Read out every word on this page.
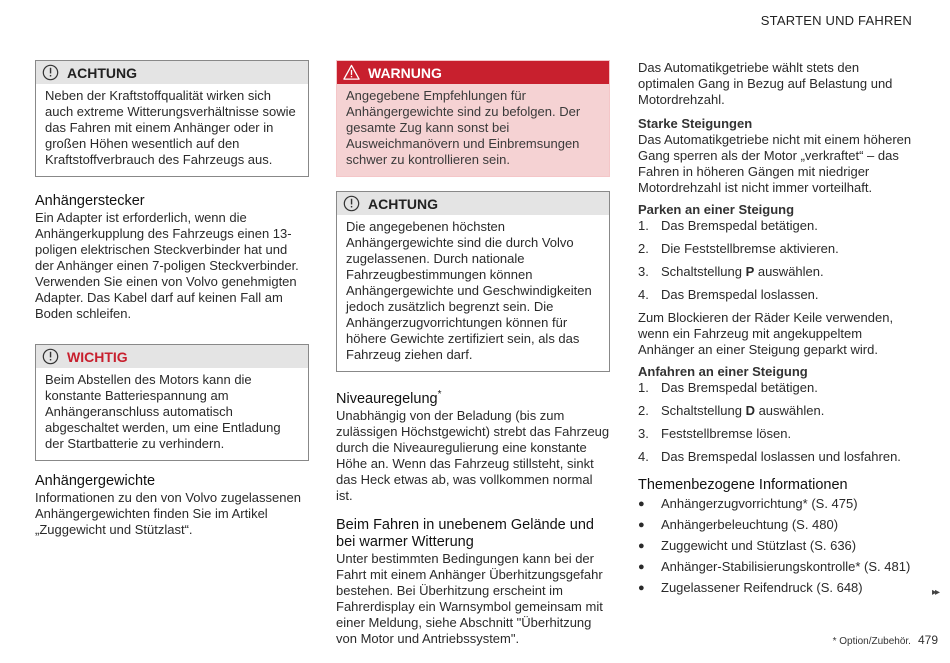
STARTEN UND FAHREN
ACHTUNG

Neben der Kraftstoffqualität wirken sich auch extreme Witterungsverhältnisse sowie das Fahren mit einem Anhänger oder in großen Höhen wesentlich auf den Kraftstoffverbrauch des Fahrzeugs aus.

Anhängerstecker

Ein Adapter ist erforderlich, wenn die Anhängerkupplung des Fahrzeugs einen 13-poligen elektrischen Steckverbinder hat und der Anhänger einen 7-poligen Steckverbinder. Verwenden Sie einen von Volvo genehmigten Adapter. Das Kabel darf auf keinen Fall am Boden schleifen.

WICHTIG

Beim Abstellen des Motors kann die konstante Batteriespannung am Anhängeranschluss automatisch abgeschaltet werden, um eine Entladung der Startbatterie zu verhindern.

Anhängergewichte

Informationen zu den von Volvo zugelassenen Anhängergewichten finden Sie im Artikel „Zuggewicht und Stützlast“.

WARNUNG

Angegebene Empfehlungen für Anhängergewichte sind zu befolgen. Der gesamte Zug kann sonst bei Ausweichmanövern und Einbremsungen schwer zu kontrollieren sein.

ACHTUNG

Die angegebenen höchsten Anhängergewichte sind die durch Volvo zugelassenen. Durch nationale Fahrzeugbestimmungen können Anhängergewichte und Geschwindigkeiten jedoch zusätzlich begrenzt sein. Die Anhängerzugvorrichtungen können für höhere Gewichte zertifiziert sein, als das Fahrzeug ziehen darf.

Niveauregelung*

Unabhängig von der Beladung (bis zum zulässigen Höchstgewicht) strebt das Fahrzeug durch die Niveauregulierung eine konstante Höhe an. Wenn das Fahrzeug stillsteht, sinkt das Heck etwas ab, was vollkommen normal ist.

Beim Fahren in unebenem Gelände und bei warmer Witterung

Unter bestimmten Bedingungen kann bei der Fahrt mit einem Anhänger Überhitzungsgefahr bestehen. Bei Überhitzung erscheint im Fahrerdisplay ein Warnsymbol gemeinsam mit einer Meldung, siehe Abschnitt "Überhitzung von Motor und Antriebssystem".

Das Automatikgetriebe wählt stets den optimalen Gang in Bezug auf Belastung und Motordrehzahl.

Starke Steigungen

Das Automatikgetriebe nicht mit einem höheren Gang sperren als der Motor „verkraftet“ – das Fahren in höheren Gängen mit niedriger Motordrehzahl ist nicht immer vorteilhaft.

Parken an einer Steigung
1. Das Bremspedal betätigen.
2. Die Feststellbremse aktivieren.
3. Schaltstellung P auswählen.
4. Das Bremspedal loslassen.

Zum Blockieren der Räder Keile verwenden, wenn ein Fahrzeug mit angekuppeltem Anhänger an einer Steigung geparkt wird.

Anfahren an einer Steigung
1. Das Bremspedal betätigen.
2. Schaltstellung D auswählen.
3. Feststellbremse lösen.
4. Das Bremspedal loslassen und losfahren.
Themenbezogene Informationen
●	Anhängerzugvorrichtung* (S. 475)
●	Anhängerbeleuchtung (S. 480)
●	Zuggewicht und Stützlast (S. 636)
●	Anhänger-Stabilisierungskontrolle* (S. 481)
●	Zugelassener Reifendruck (S. 648)	▸▸
* Option/Zubehör. 479
